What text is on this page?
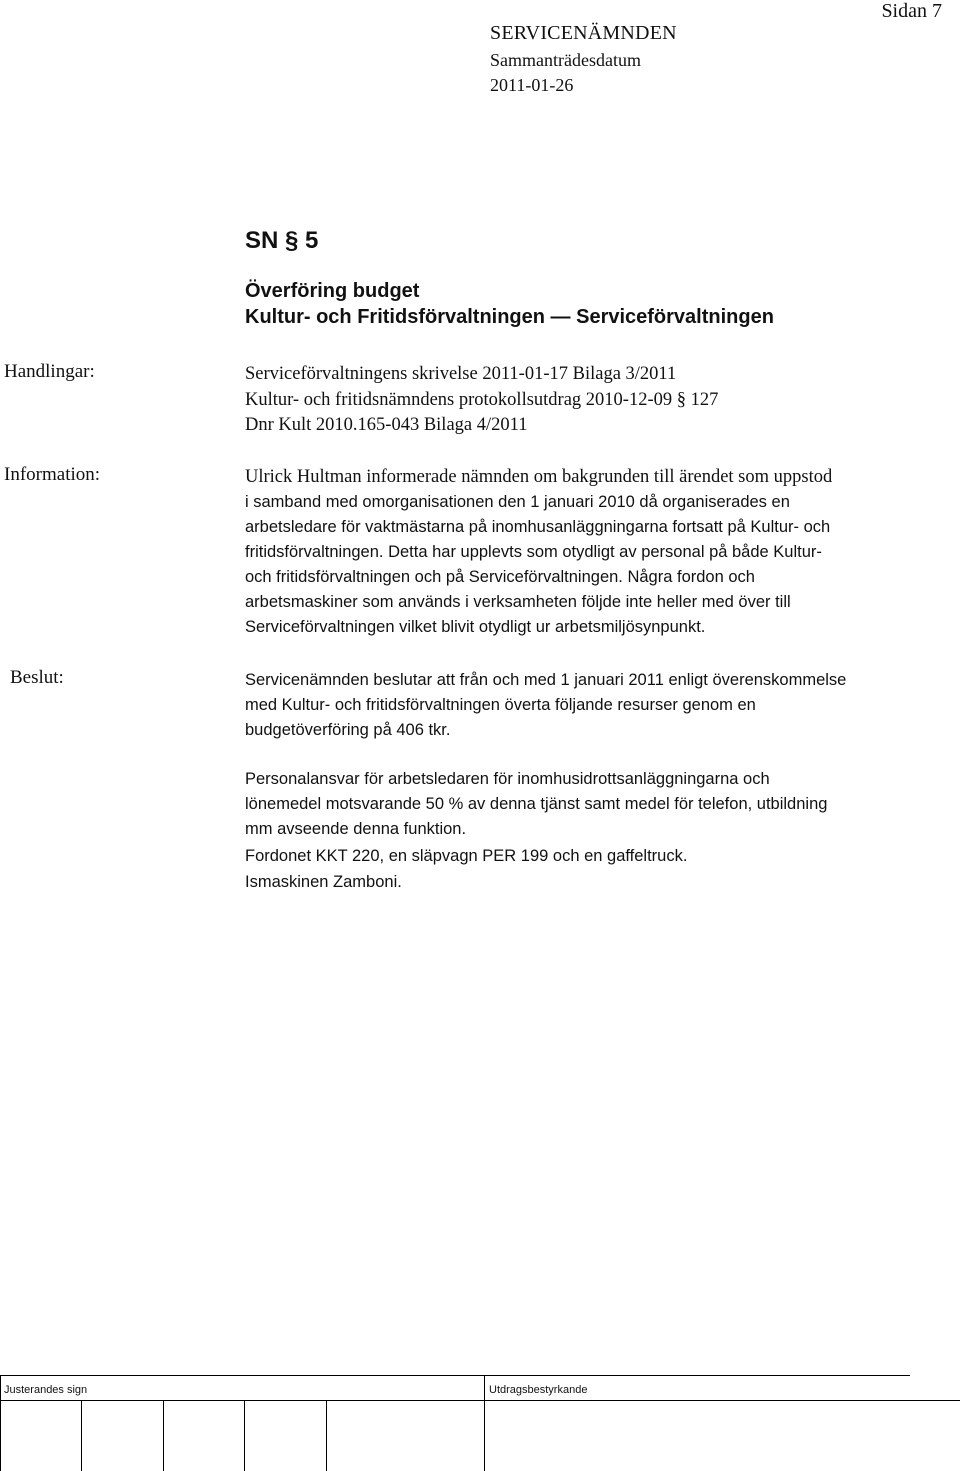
Sidan 7
SERVICENÄMNDEN
Sammanträdesdatum
2011-01-26
SN § 5
Överföring budget
Kultur- och Fritidsförvaltningen — Serviceförvaltningen
Handlingar:	Serviceförvaltningens skrivelse 2011-01-17 Bilaga 3/2011
Kultur- och fritidsnämndens protokollsutdrag 2010-12-09 § 127
Dnr Kult 2010.165-043 Bilaga 4/2011
Information:	Ulrick Hultman informerade nämnden om bakgrunden till ärendet som uppstod
i samband med omorganisationen den 1 januari 2010 då organiserades en
arbetsledare för vaktmästarna på inomhusanläggningarna fortsatt på Kultur- och
fritidsförvaltningen. Detta har upplevts som otydligt av personal på både Kultur-
och fritidsförvaltningen och på Serviceförvaltningen. Några fordon och
arbetsmaskiner som används i verksamheten följde inte heller med över till
Serviceförvaltningen vilket blivit otydligt ur arbetsmiljösynpunkt.
Beslut:	Servicenämnden beslutar att från och med 1 januari 2011 enligt överenskommelse
med Kultur- och fritidsförvaltningen överta följande resurser genom en
budgetöverföring på 406 tkr.
Personalansvar för arbetsledaren för inomhusidrottsanläggningarna och
lönemedel motsvarande 50 % av denna tjänst samt medel för telefon, utbildning
mm avseende denna funktion.
Fordonet KKT 220, en släpvagn PER 199 och en gaffeltruck.
Ismaskinen Zamboni.
Justerandes sign	Utdragsbestyrkande
